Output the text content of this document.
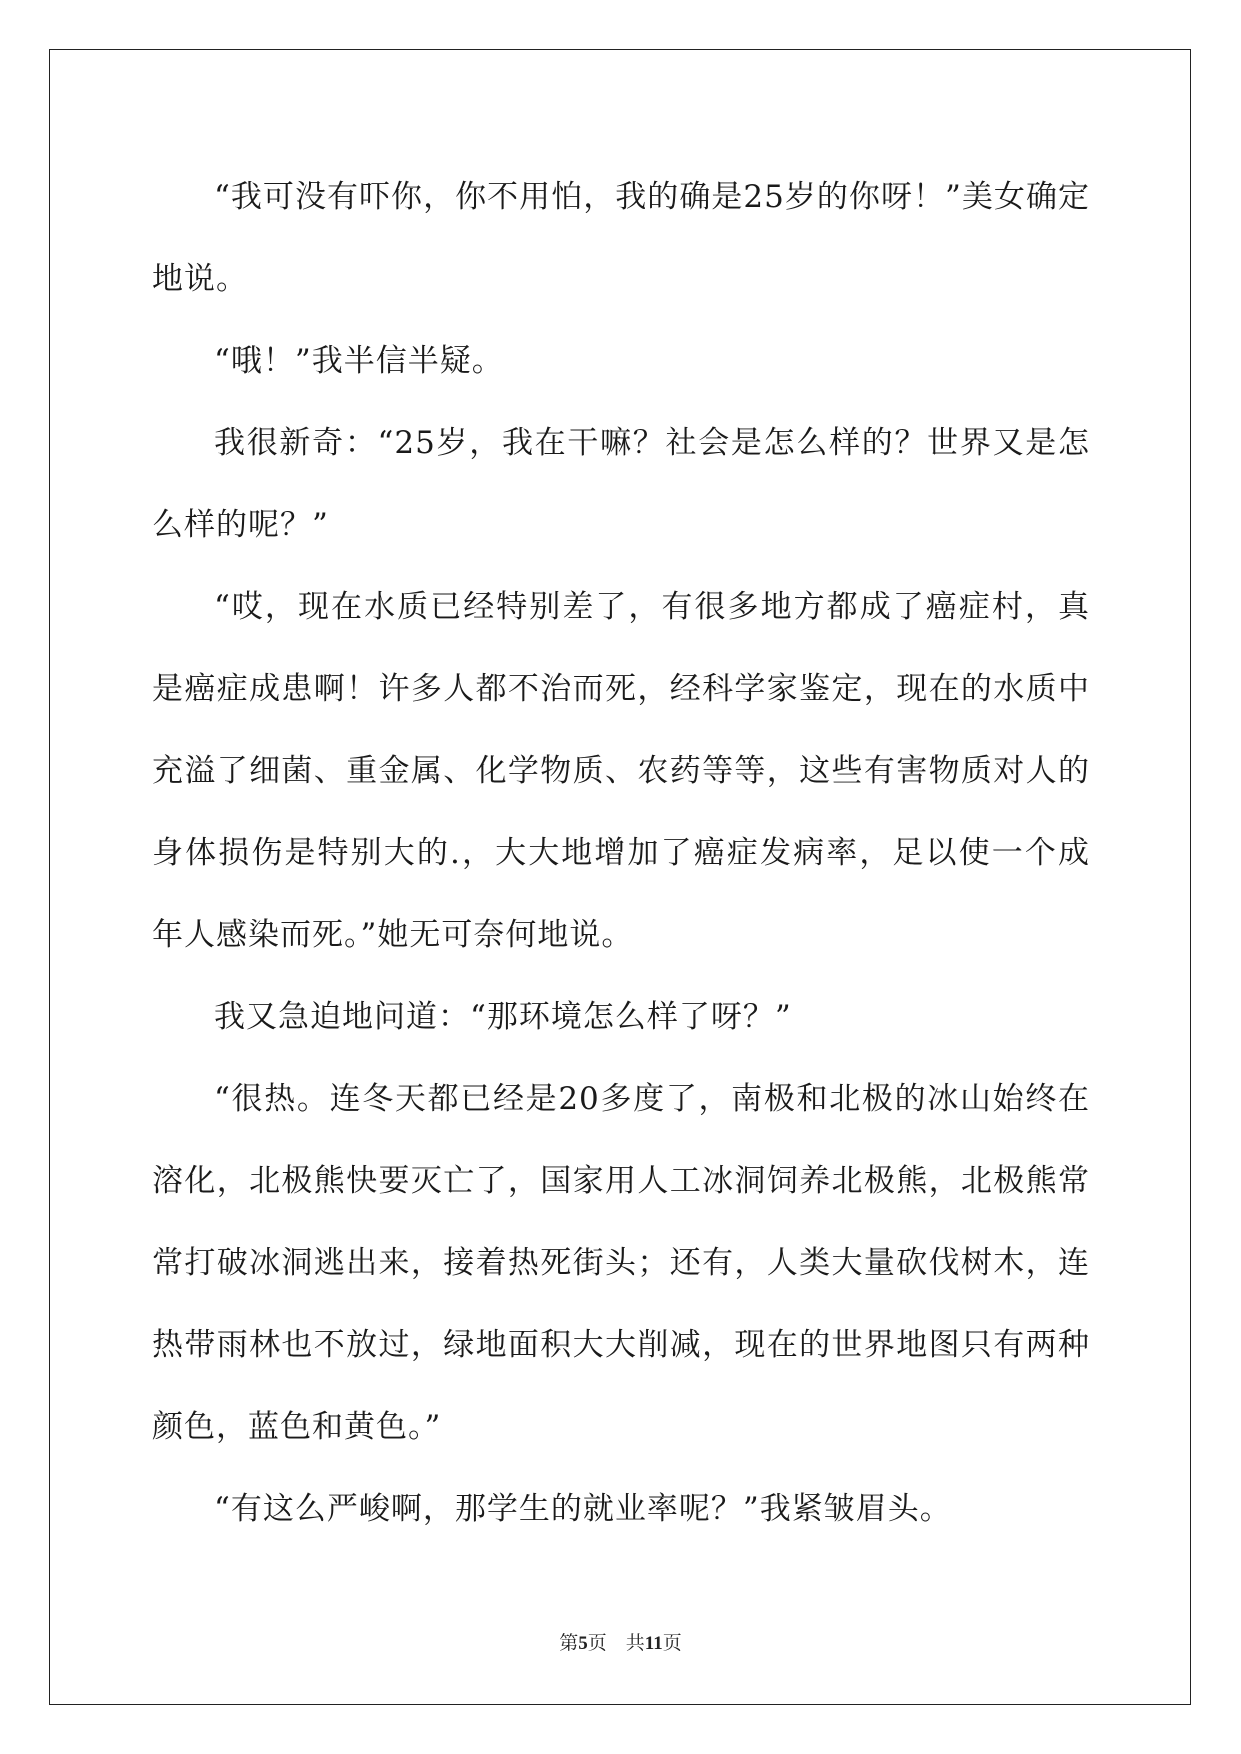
“我可没有吓你，你不用怕，我的确是25岁的你呀！”美女确定地说。

“哦！”我半信半疑。

我很新奇：“25岁，我在干嘛？社会是怎么样的？世界又是怎么样的呢？”

“哎，现在水质已经特别差了，有很多地方都成了癌症村，真是癌症成患啊！许多人都不治而死，经科学家鉴定，现在的水质中充溢了细菌、重金属、化学物质、农药等等，这些有害物质对人的身体损伤是特别大的.，大大地增加了癌症发病率，足以使一个成年人感染而死。”她无可奈何地说。

我又急迫地问道：“那环境怎么样了呀？”

“很热。连冬天都已经是20多度了，南极和北极的冰山始终在溶化，北极熊快要灭亡了，国家用人工冰洞饲养北极熊，北极熊常常打破冰洞逃出来，接着热死街头；还有，人类大量砍伐树木，连热带雨林也不放过，绿地面积大大削减，现在的世界地图只有两种颜色，蓝色和黄色。”

“有这么严峻啊，那学生的就业率呢？”我紧皱眉头。

第5页　共11页
